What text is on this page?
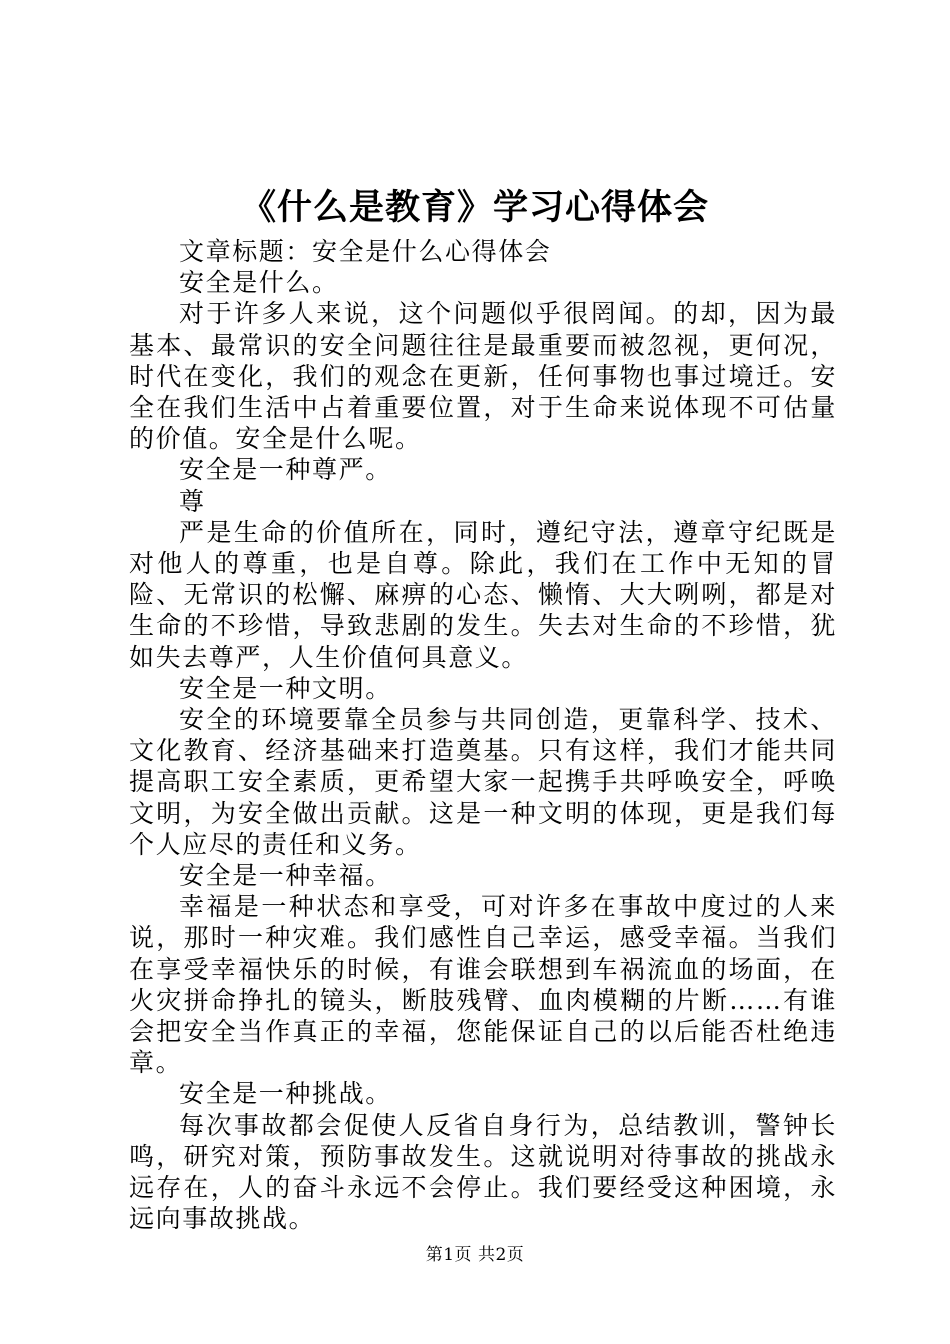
《什么是教育》学习心得体会

文章标题：安全是什么心得体会

安全是什么。

对于许多人来说，这个问题似乎很罔闻。的却，因为最基本、最常识的安全问题往往是最重要而被忽视，更何况，时代在变化，我们的观念在更新，任何事物也事过境迁。安全在我们生活中占着重要位置，对于生命来说体现不可估量的价值。安全是什么呢。

安全是一种尊严。

尊

严是生命的价值所在，同时，遵纪守法，遵章守纪既是对他人的尊重，也是自尊。除此，我们在工作中无知的冒险、无常识的松懈、麻痹的心态、懒惰、大大咧咧，都是对生命的不珍惜，导致悲剧的发生。失去对生命的不珍惜，犹如失去尊严，人生价值何具意义。

安全是一种文明。

安全的环境要靠全员参与共同创造，更靠科学、技术、文化教育、经济基础来打造奠基。只有这样，我们才能共同提高职工安全素质，更希望大家一起携手共呼唤安全，呼唤文明，为安全做出贡献。这是一种文明的体现，更是我们每个人应尽的责任和义务。

安全是一种幸福。

幸福是一种状态和享受，可对许多在事故中度过的人来说，那时一种灾难。我们感性自己幸运，感受幸福。当我们在享受幸福快乐的时候，有谁会联想到车祸流血的场面，在火灾拼命挣扎的镜头，断肢残臂、血肉模糊的片断……有谁会把安全当作真正的幸福，您能保证自己的以后能否杜绝违章。

安全是一种挑战。

每次事故都会促使人反省自身行为，总结教训，警钟长鸣，研究对策，预防事故发生。这就说明对待事故的挑战永远存在，人的奋斗永远不会停止。我们要经受这种困境，永远向事故挑战。

第1页 共2页
